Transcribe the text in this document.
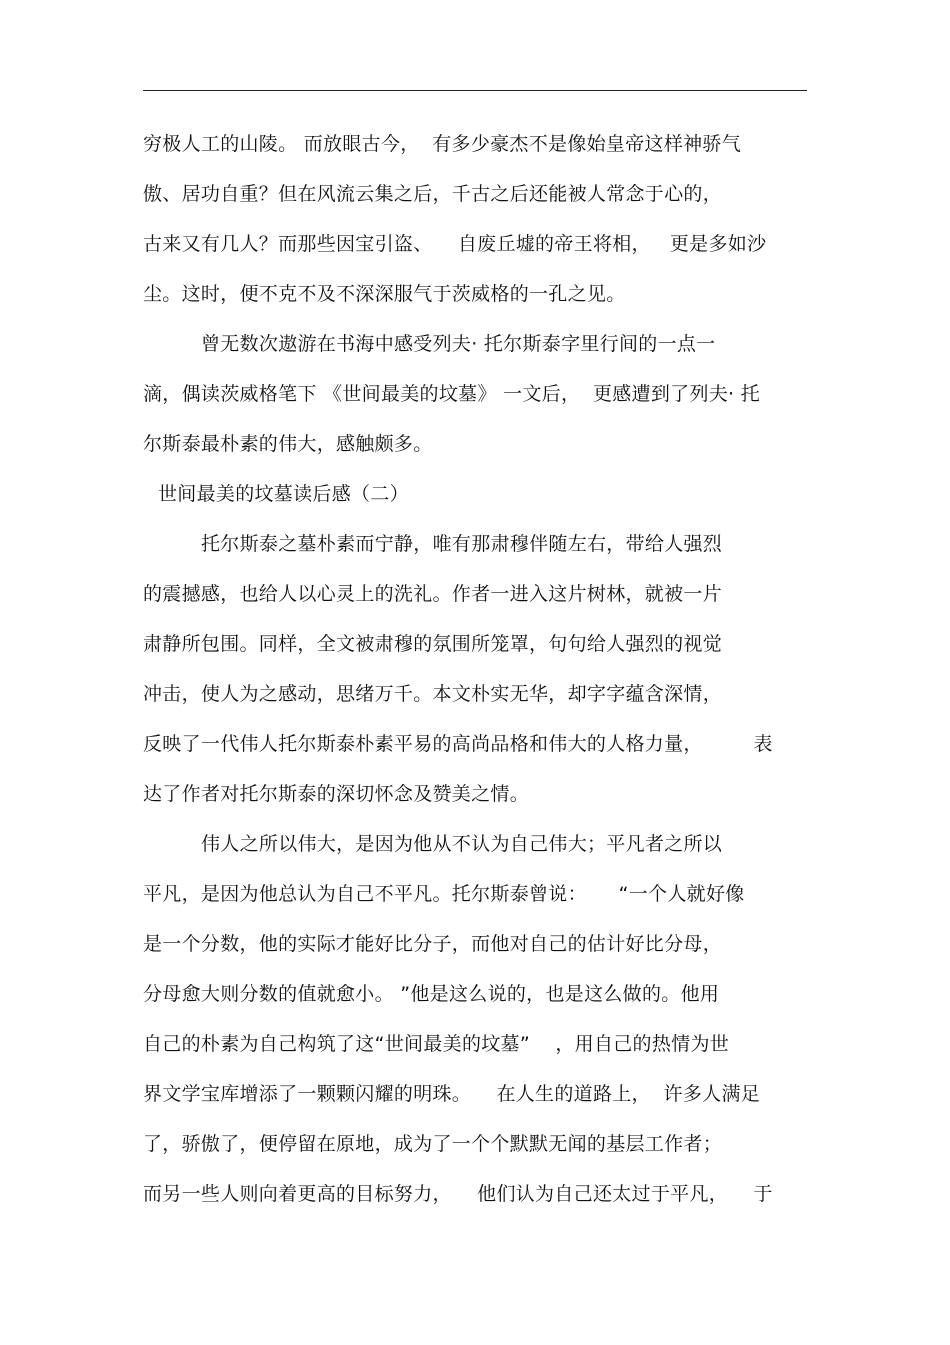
穷极人工的山陵。 而放眼古今，  有多少豪杰不是像始皇帝这样神骄气
傲、居功自重？但在风流云集之后，千古之后还能被人常念于心的，
古来又有几人？而那些因宝引盗、    自废丘墟的帝王将相，   更是多如沙
尘。这时，便不克不及不深深服气于茨威格的一孔之见。
曾无数次遨游在书海中感受列夫· 托尔斯泰字里行间的一点一
滴，偶读茨威格笔下 《世间最美的坟墓》 一文后，  更感遭到了列夫· 托
尔斯泰最朴素的伟大，感触颇多。
世间最美的坟墓读后感（二）
托尔斯泰之墓朴素而宁静，唯有那肃穆伴随左右，带给人强烈
的震撼感，也给人以心灵上的洗礼。作者一进入这片树林，就被一片
肃静所包围。同样，全文被肃穆的氛围所笼罩，句句给人强烈的视觉
冲击，使人为之感动，思绪万千。本文朴实无华，却字字蕴含深情，
反映了一代伟人托尔斯泰朴素平易的高尚品格和伟大的人格力量，        表
达了作者对托尔斯泰的深切怀念及赞美之情。
伟人之所以伟大，是因为他从不认为自己伟大；平凡者之所以
平凡，是因为他总认为自己不平凡。托尔斯泰曾说：     “一个人就好像
是一个分数，他的实际才能好比分子，而他对自己的估计好比分母，
分母愈大则分数的值就愈小。 ”他是这么说的，也是这么做的。他用
自己的朴素为自己构筑了这“世间最美的坟墓”    ，用自己的热情为世
界文学宝库增添了一颗颗闪耀的明珠。    在人生的道路上，  许多人满足
了，骄傲了，便停留在原地，成为了一个个默默无闻的基层工作者；
而另一些人则向着更高的目标努力，    他们认为自己还太过于平凡，    于
